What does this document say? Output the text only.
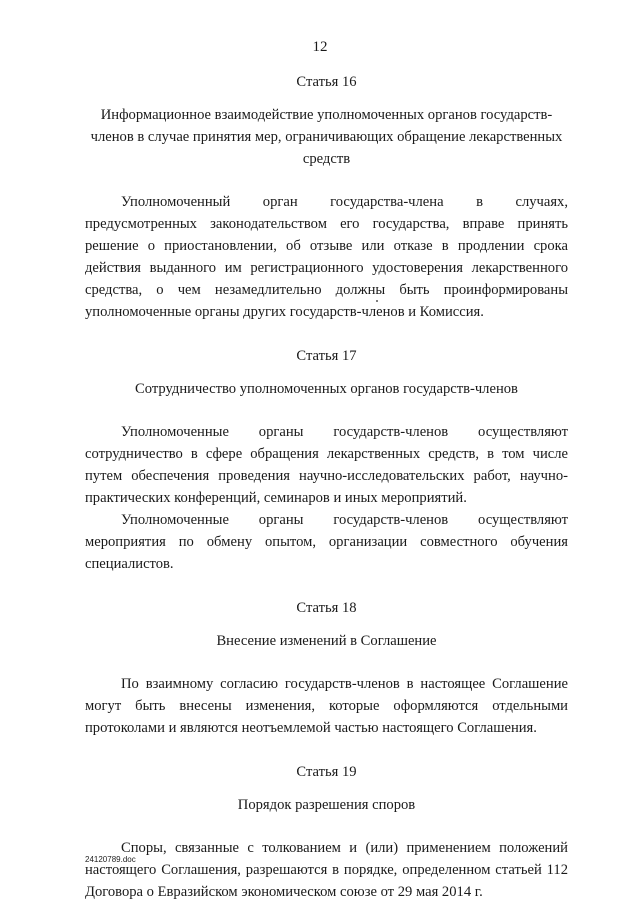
12

Статья 16

Информационное взаимодействие уполномоченных органов государств-членов в случае принятия мер, ограничивающих обращение лекарственных средств

Уполномоченный орган государства-члена в случаях, предусмотренных законодательством его государства, вправе принять решение о приостановлении, об отзыве или отказе в продлении срока действия выданного им регистрационного удостоверения лекарственного средства, о чем незамедлительно должны быть проинформированы уполномоченные органы других государств-членов и Комиссия.

Статья 17

Сотрудничество уполномоченных органов государств-членов

Уполномоченные органы государств-членов осуществляют сотрудничество в сфере обращения лекарственных средств, в том числе путем обеспечения проведения научно-исследовательских работ, научно-практических конференций, семинаров и иных мероприятий.

Уполномоченные органы государств-членов осуществляют мероприятия по обмену опытом, организации совместного обучения специалистов.

Статья 18

Внесение изменений в Соглашение

По взаимному согласию государств-членов в настоящее Соглашение могут быть внесены изменения, которые оформляются отдельными протоколами и являются неотъемлемой частью настоящего Соглашения.

Статья 19

Порядок разрешения споров

Споры, связанные с толкованием и (или) применением положений настоящего Соглашения, разрешаются в порядке, определенном статьей 112 Договора о Евразийском экономическом союзе от 29 мая 2014 г.

24120789.doc
